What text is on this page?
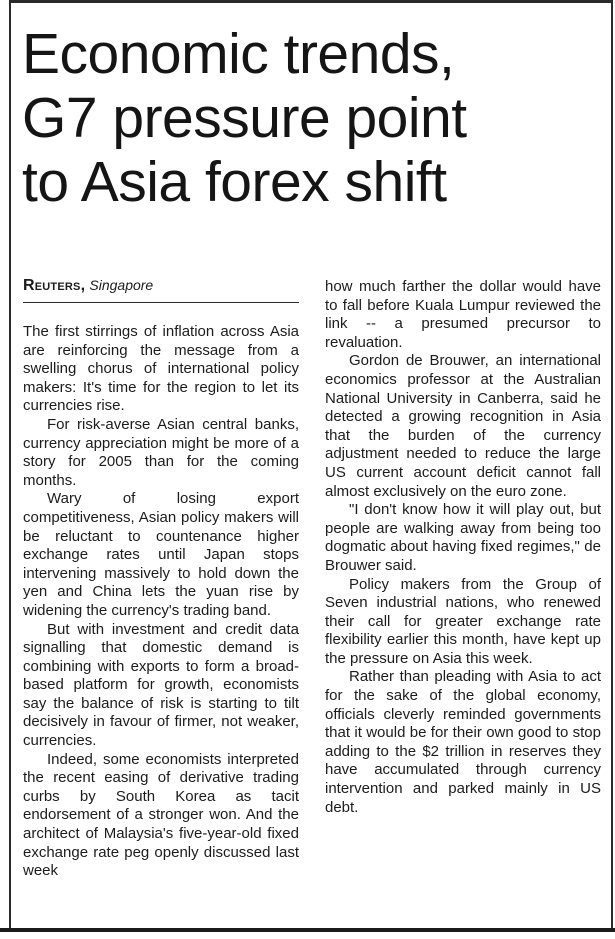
Economic trends,
G7 pressure point
to Asia forex shift
Reuters, Singapore

The first stirrings of inflation across Asia are reinforcing the message from a swelling chorus of international policy makers: It's time for the region to let its currencies rise.

For risk-averse Asian central banks, currency appreciation might be more of a story for 2005 than for the coming months.

Wary of losing export competitiveness, Asian policy makers will be reluctant to countenance higher exchange rates until Japan stops intervening massively to hold down the yen and China lets the yuan rise by widening the currency's trading band.

But with investment and credit data signalling that domestic demand is combining with exports to form a broad-based platform for growth, economists say the balance of risk is starting to tilt decisively in favour of firmer, not weaker, currencies.

Indeed, some economists interpreted the recent easing of derivative trading curbs by South Korea as tacit endorsement of a stronger won. And the architect of Malaysia's five-year-old fixed exchange rate peg openly discussed last week

how much farther the dollar would have to fall before Kuala Lumpur reviewed the link -- a presumed precursor to revaluation.

Gordon de Brouwer, an international economics professor at the Australian National University in Canberra, said he detected a growing recognition in Asia that the burden of the currency adjustment needed to reduce the large US current account deficit cannot fall almost exclusively on the euro zone.

"I don't know how it will play out, but people are walking away from being too dogmatic about having fixed regimes," de Brouwer said.

Policy makers from the Group of Seven industrial nations, who renewed their call for greater exchange rate flexibility earlier this month, have kept up the pressure on Asia this week.

Rather than pleading with Asia to act for the sake of the global economy, officials cleverly reminded governments that it would be for their own good to stop adding to the $2 trillion in reserves they have accumulated through currency intervention and parked mainly in US debt.
